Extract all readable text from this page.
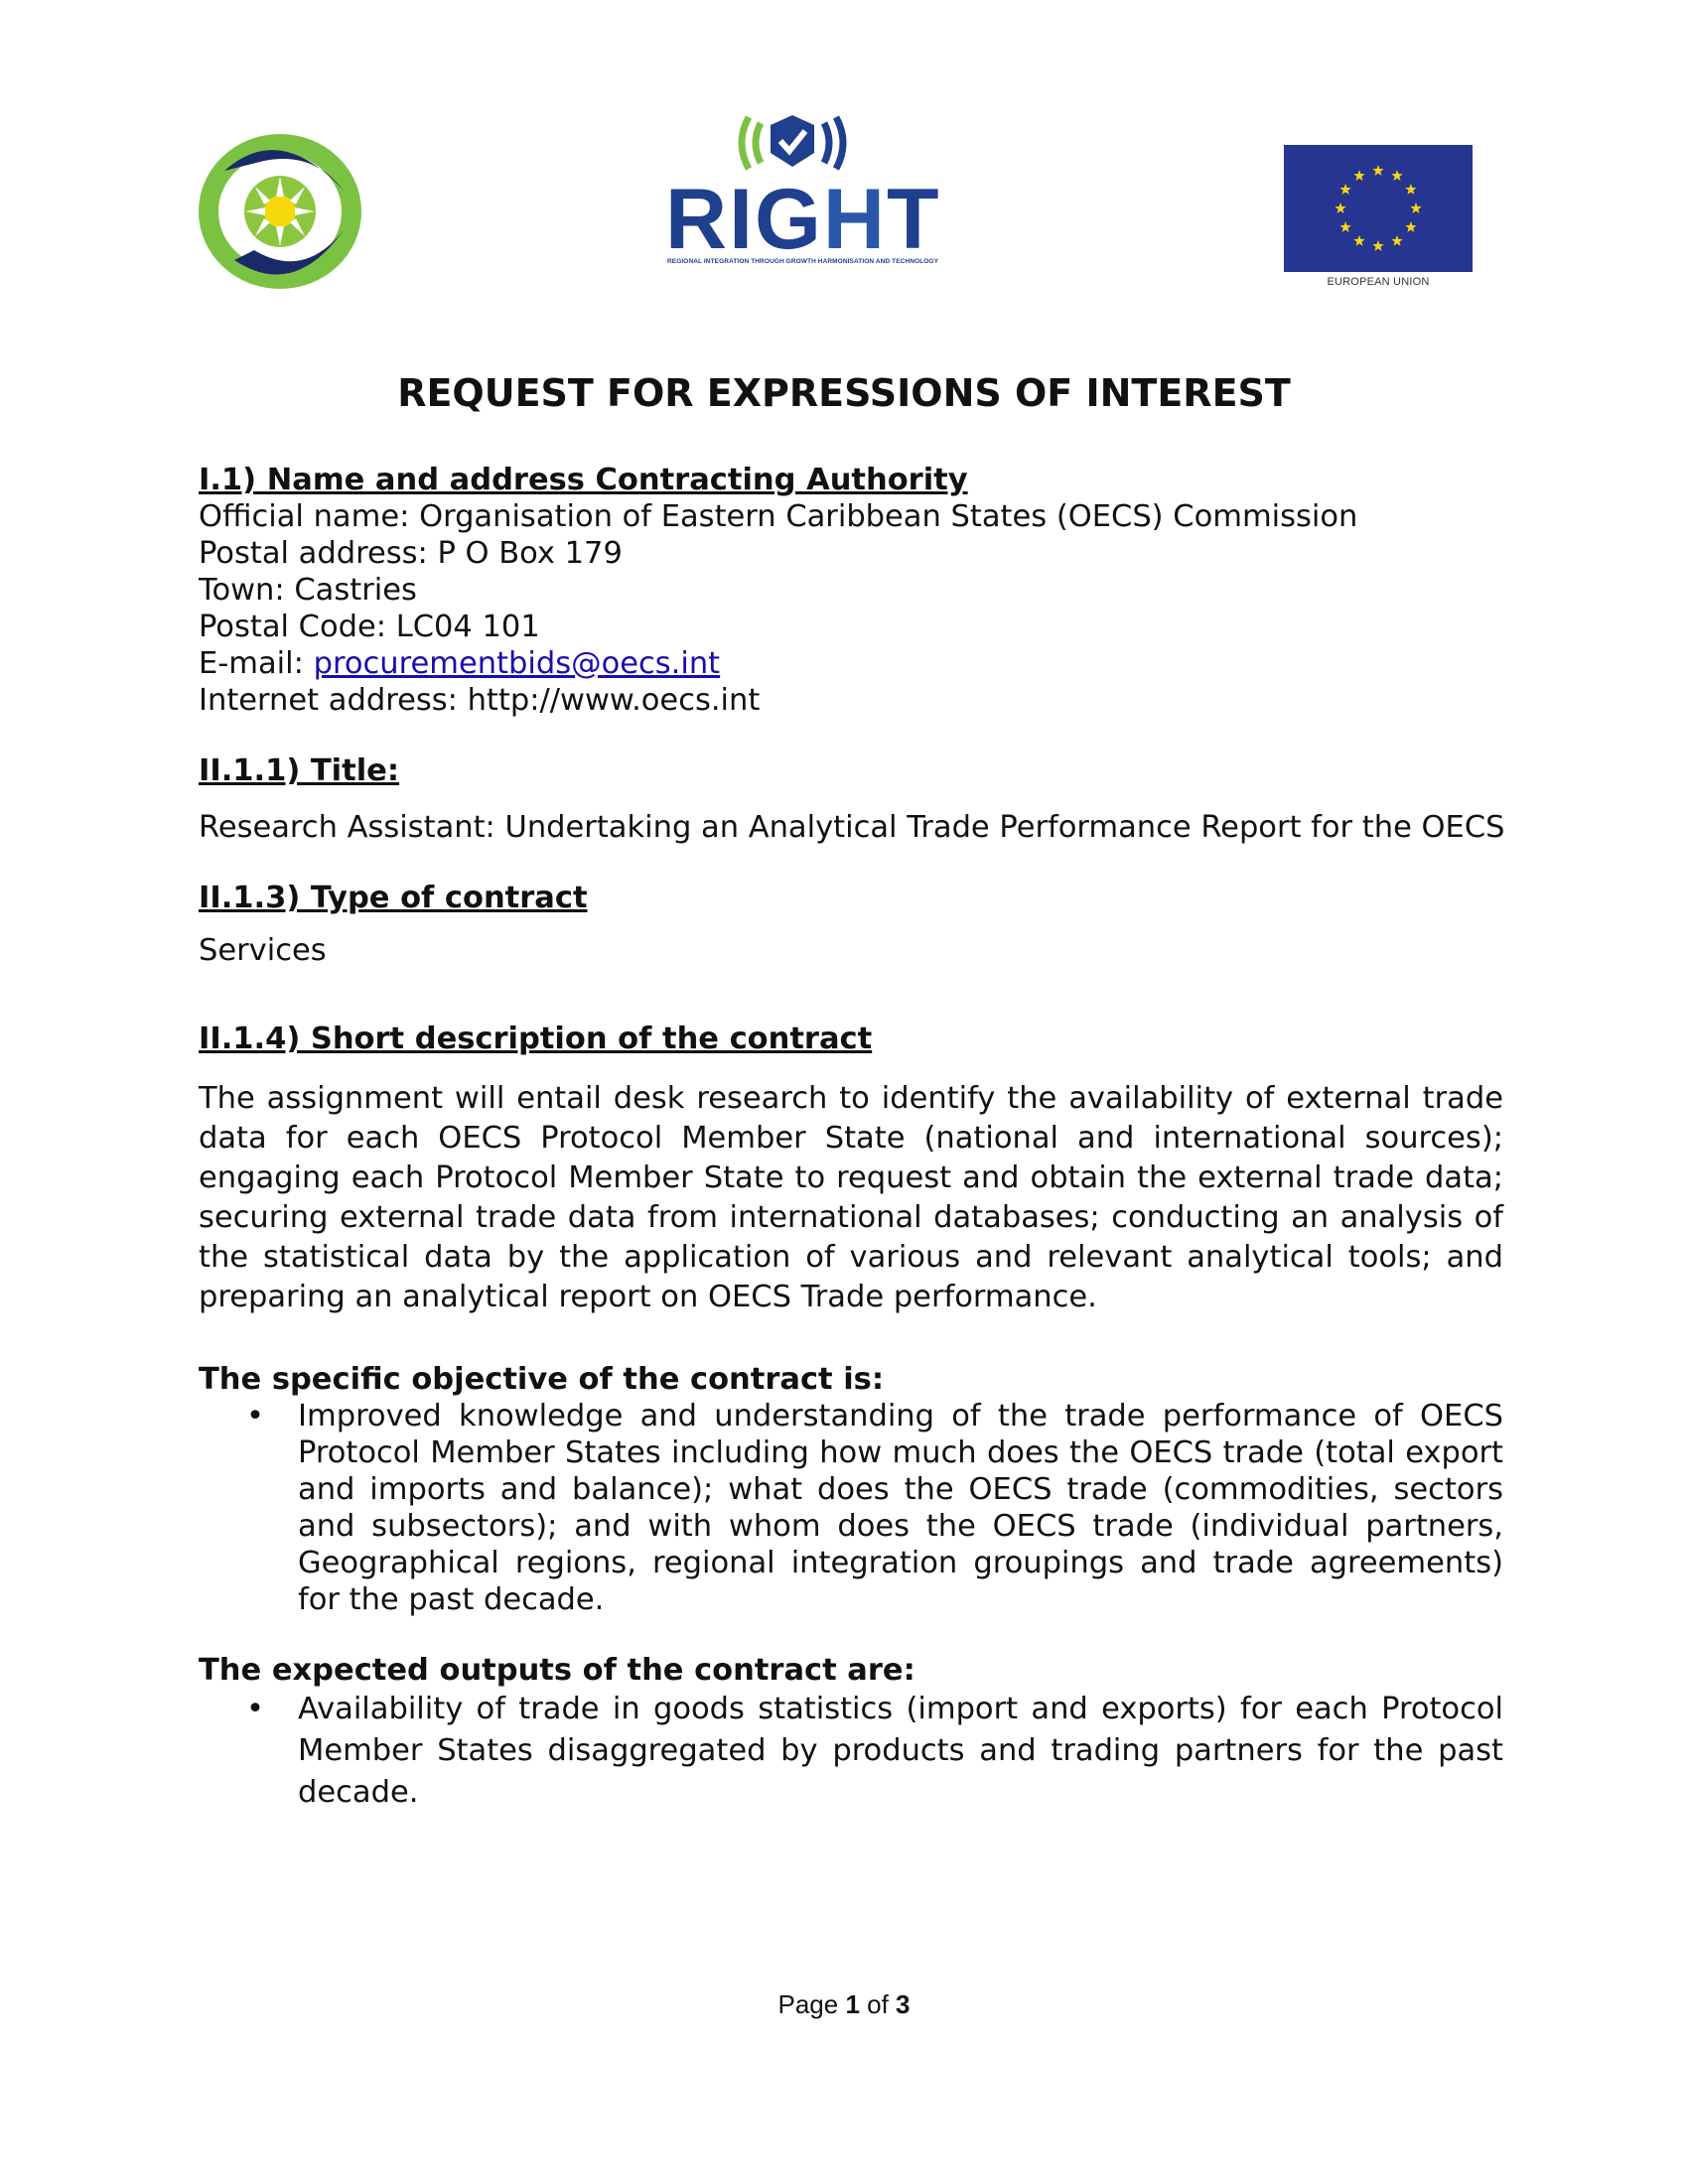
RIGHT
REGIONAL INTEGRATION THROUGH GROWTH HARMONISATION AND TECHNOLOGY
EUROPEAN UNION
REQUEST FOR EXPRESSIONS OF INTEREST

I.1) Name and address Contracting Authority

Official name: Organisation of Eastern Caribbean States (OECS) Commission

Postal address: P O Box 179

Town: Castries

Postal Code: LC04 101

E-mail: procurementbids@oecs.int

Internet address: http://www.oecs.int

II.1.1) Title:

Research Assistant: Undertaking an Analytical Trade Performance Report for the OECS

II.1.3) Type of contract

Services

II.1.4) Short description of the contract

The assignment will entail desk research to identify the availability of external trade data for each OECS Protocol Member State (national and international sources); engaging each Protocol Member State to request and obtain the external trade data; securing external trade data from international databases; conducting an analysis of the statistical data by the application of various and relevant analytical tools; and preparing an analytical report on OECS Trade performance.

The specific objective of the contract is:

• Improved knowledge and understanding of the trade performance of OECS Protocol Member States including how much does the OECS trade (total export and imports and balance); what does the OECS trade (commodities, sectors and subsectors); and with whom does the OECS trade (individual partners, Geographical regions, regional integration groupings and trade agreements) for the past decade.

The expected outputs of the contract are:

• Availability of trade in goods statistics (import and exports) for each Protocol Member States disaggregated by products and trading partners for the past decade.
Page 1 of 3
